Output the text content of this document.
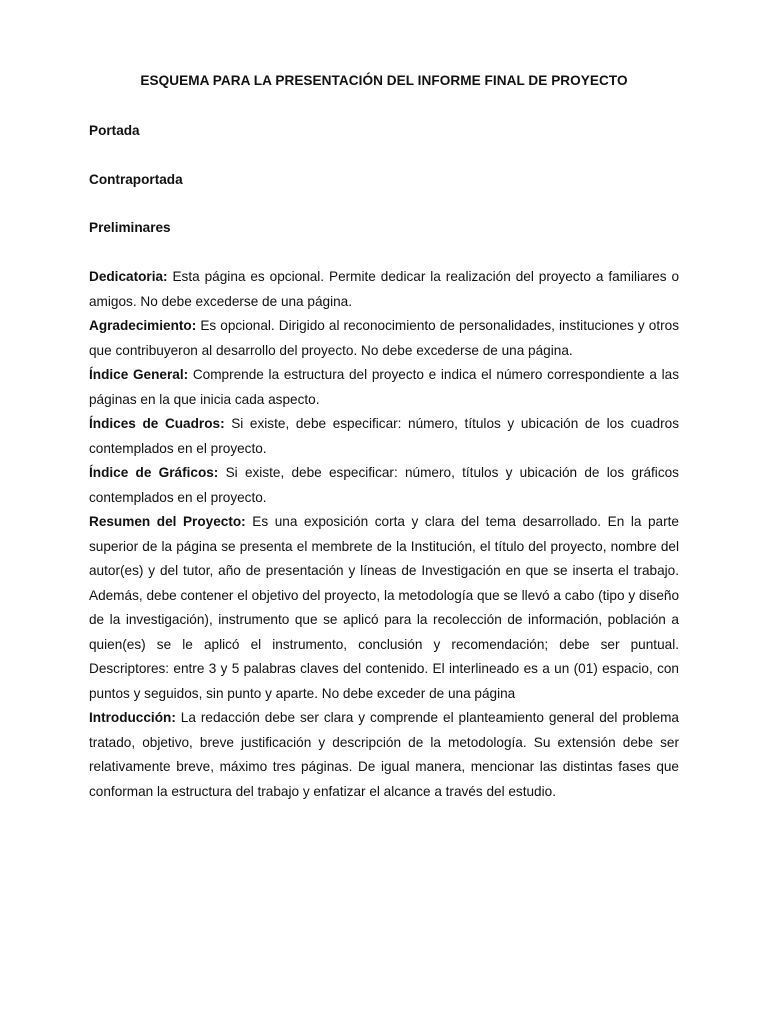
ESQUEMA PARA LA PRESENTACIÓN DEL INFORME FINAL DE PROYECTO
Portada
Contraportada
Preliminares

Dedicatoria: Esta página es opcional. Permite dedicar la realización del proyecto a familiares o amigos. No debe excederse de una página.

Agradecimiento: Es opcional. Dirigido al reconocimiento de personalidades, instituciones y otros que contribuyeron al desarrollo del proyecto. No debe excederse de una página.

Índice General: Comprende la estructura del proyecto e indica el número correspondiente a las páginas en la que inicia cada aspecto.

Índices de Cuadros: Si existe, debe especificar: número, títulos y ubicación de los cuadros contemplados en el proyecto.

Índice de Gráficos: Si existe, debe especificar: número, títulos y ubicación de los gráficos contemplados en el proyecto.

Resumen del Proyecto: Es una exposición corta y clara del tema desarrollado. En la parte superior de la página se presenta el membrete de la Institución, el título del proyecto, nombre del autor(es) y del tutor, año de presentación y líneas de Investigación en que se inserta el trabajo. Además, debe contener el objetivo del proyecto, la metodología que se llevó a cabo (tipo y diseño de la investigación), instrumento que se aplicó para la recolección de información, población a quien(es) se le aplicó el instrumento, conclusión y recomendación; debe ser puntual. Descriptores: entre 3 y 5 palabras claves del contenido. El interlineado es a un (01) espacio, con puntos y seguidos, sin punto y aparte. No debe exceder de una página

Introducción: La redacción debe ser clara y comprende el planteamiento general del problema tratado, objetivo, breve justificación y descripción de la metodología. Su extensión debe ser relativamente breve, máximo tres páginas. De igual manera, mencionar las distintas fases que conforman la estructura del trabajo y enfatizar el alcance a través del estudio.
